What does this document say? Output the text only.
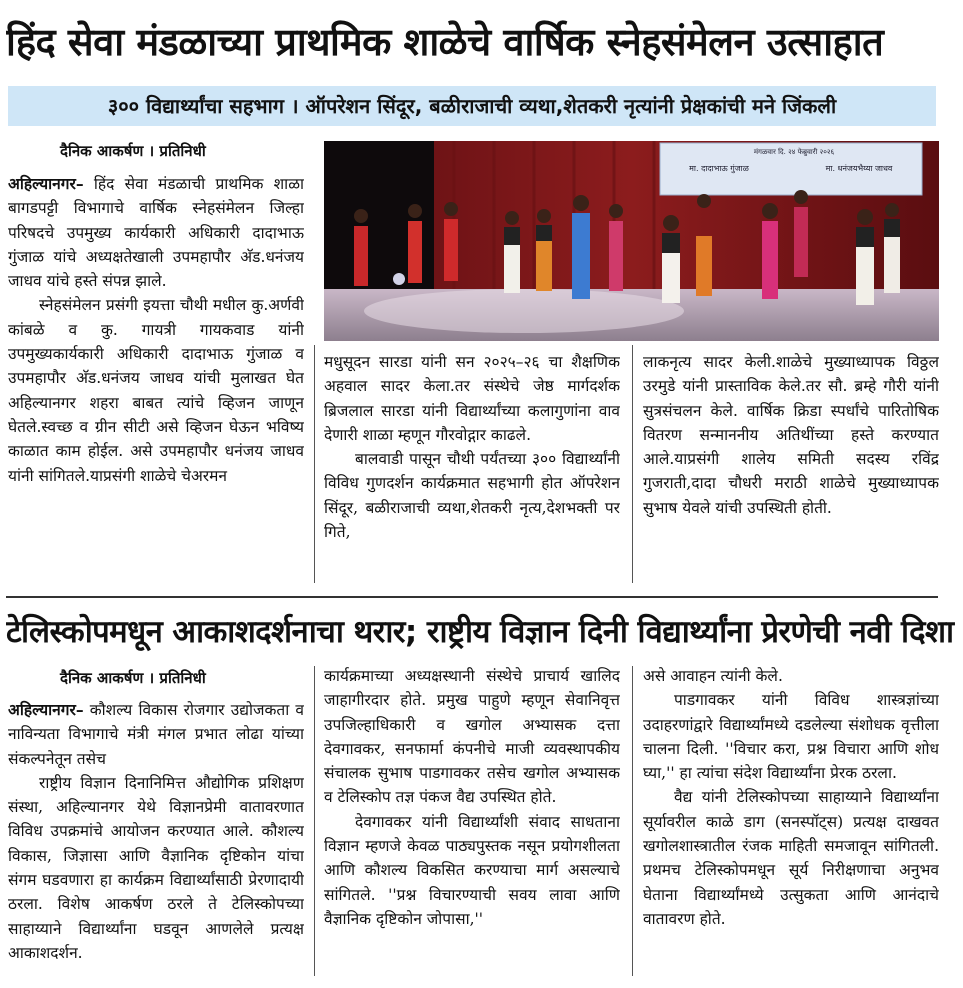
हिंद सेवा मंडळाच्या प्राथमिक शाळेचे वार्षिक स्नेहसंमेलन उत्साहात
३०० विद्यार्थ्यांचा सहभाग । ऑपरेशन सिंदूर, बळीराजाची व्यथा,शेतकरी नृत्यांनी प्रेक्षकांची मने जिंकली
दैनिक आकर्षण । प्रतिनिधी

अहिल्यानगर– हिंद सेवा मंडळाची प्राथमिक शाळा बागडपट्टी विभागाचे वार्षिक स्नेहसंमेलन जिल्हा परिषदचे उपमुख्य कार्यकारी अधिकारी दादाभाऊ गुंजाळ यांचे अध्यक्षतेखाली उपमहापौर अ‍ॅड.धनंजय जाधव यांचे हस्ते संपन्न झाले.

स्नेहसंमेलन प्रसंगी इयत्ता चौथी मधील कु.अर्णवी कांबळे व कु. गायत्री गायकवाड यांनी उपमुख्यकार्यकारी अधिकारी दादाभाऊ गुंजाळ व उपमहापौर अ‍ॅड.धनंजय जाधव यांची मुलाखत घेत अहिल्यानगर शहरा बाबत त्यांचे व्हिजन जाणून घेतले.स्वच्छ व ग्रीन सीटी असे व्हिजन घेऊन भविष्य काळात काम होईल. असे उपमहापौर धनंजय जाधव यांनी सांगितले.याप्रसंगी शाळेचे चेअरमन

मंगळवार दि. २४ फेब्रुवारी २०२६
मा. दादाभाऊ गुंजाळ	मा. धनंजयभैय्या जाधव

मधुसूदन सारडा यांनी सन २०२५–२६ चा शैक्षणिक अहवाल सादर केला.तर संस्थेचे जेष्ठ मार्गदर्शक ब्रिजलाल सारडा यांनी विद्यार्थ्यांच्या कलागुणांना वाव देणारी शाळा म्हणून गौरवोद्गार काढले.

बालवाडी पासून चौथी पर्यंतच्या ३०० विद्यार्थ्यांनी विविध गुणदर्शन कार्यक्रमात सहभागी होत ऑपरेशन सिंदूर, बळीराजाची व्यथा,शेतकरी नृत्य,देशभक्ती पर गिते,

लाकनृत्य सादर केली.शाळेचे मुख्याध्यापक विठ्ठल उरमुडे यांनी प्रास्ताविक केले.तर सौ. ब्रम्हे गौरी यांनी सुत्रसंचलन केले. वार्षिक क्रिडा स्पर्धांचे पारितोषिक वितरण सन्माननीय अतिथींच्या हस्ते करण्यात आले.याप्रसंगी शालेय समिती सदस्य रविंद्र गुजराती,दादा चौधरी मराठी शाळेचे मुख्याध्यापक सुभाष येवले यांची उपस्थिती होती.

टेलिस्कोपमधून आकाशदर्शनाचा थरार; राष्ट्रीय विज्ञान दिनी विद्यार्थ्यांना प्रेरणेची नवी दिशा
दैनिक आकर्षण । प्रतिनिधी

अहिल्यानगर– कौशल्य विकास रोजगार उद्योजकता व नाविन्यता विभागाचे मंत्री मंगल प्रभात लोढा यांच्या संकल्पनेतून तसेच

राष्ट्रीय विज्ञान दिनानिमित्त औद्योगिक प्रशिक्षण संस्था, अहिल्यानगर येथे विज्ञानप्रेमी वातावरणात विविध उपक्रमांचे आयोजन करण्यात आले. कौशल्य विकास, जिज्ञासा आणि वैज्ञानिक दृष्टिकोन यांचा संगम घडवणारा हा कार्यक्रम विद्यार्थ्यांसाठी प्रेरणादायी ठरला. विशेष आकर्षण ठरले ते टेलिस्कोपच्या साहाय्याने विद्यार्थ्यांना घडवून आणलेले प्रत्यक्ष आकाशदर्शन.

कार्यक्रमाच्या अध्यक्षस्थानी संस्थेचे प्राचार्य खालिद जाहागीरदार होते. प्रमुख पाहुणे म्हणून सेवानिवृत्त उपजिल्हाधिकारी व खगोल अभ्यासक दत्ता देवगावकर, सनफार्मा कंपनीचे माजी व्यवस्थापकीय संचालक सुभाष पाडगावकर तसेच खगोल अभ्यासक व टेलिस्कोप तज्ञ पंकज वैद्य उपस्थित होते.

देवगावकर यांनी विद्यार्थ्यांशी संवाद साधताना विज्ञान म्हणजे केवळ पाठ्यपुस्तक नसून प्रयोगशीलता आणि कौशल्य विकसित करण्याचा मार्ग असल्याचे सांगितले. ''प्रश्न विचारण्याची सवय लावा आणि वैज्ञानिक दृष्टिकोन जोपासा,''

असे आवाहन त्यांनी केले.

पाडगावकर यांनी विविध शास्त्रज्ञांच्या उदाहरणांद्वारे विद्यार्थ्यांमध्ये दडलेल्या संशोधक वृत्तीला चालना दिली. ''विचार करा, प्रश्न विचारा आणि शोध घ्या,'' हा त्यांचा संदेश विद्यार्थ्यांना प्रेरक ठरला.

वैद्य यांनी टेलिस्कोपच्या साहाय्याने विद्यार्थ्यांना सूर्यावरील काळे डाग (सनस्पॉट्स) प्रत्यक्ष दाखवत खगोलशास्त्रातील रंजक माहिती समजावून सांगितली. प्रथमच टेलिस्कोपमधून सूर्य निरीक्षणाचा अनुभव घेताना विद्यार्थ्यांमध्ये उत्सुकता आणि आनंदाचे वातावरण होते.
